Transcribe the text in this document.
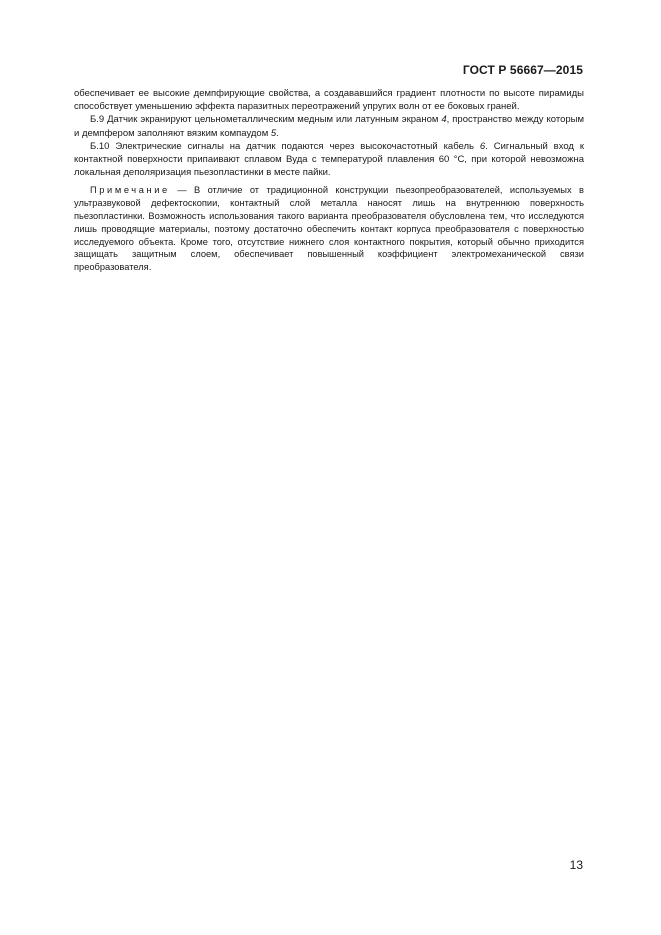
ГОСТ Р 56667—2015

обеспечивает ее высокие демпфирующие свойства, а создававшийся градиент плотности по высоте пирамиды способствует уменьшению эффекта паразитных переотражений упругих волн от ее боковых граней.

Б.9 Датчик экранируют цельнометаллическим медным или латунным экраном 4, пространство между которым и демпфером заполняют вязким компаудом 5.

Б.10 Электрические сигналы на датчик подаются через высокочастотный кабель 6. Сигнальный вход к контактной поверхности припаивают сплавом Вуда с температурой плавления 60 °С, при которой невозможна локальная деполяризация пьезопластинки в месте пайки.

Примечание — В отличие от традиционной конструкции пьезопреобразователей, используемых в ультразвуковой дефектоскопии, контактный слой металла наносят лишь на внутреннюю поверхность пьезопластинки. Возможность использования такого варианта преобразователя обусловлена тем, что исследуются лишь проводящие материалы, поэтому достаточно обеспечить контакт корпуса преобразователя с поверхностью исследуемого объекта. Кроме того, отсутствие нижнего слоя контактного покрытия, который обычно приходится защищать защитным слоем, обеспечивает повышенный коэффициент электромеханической связи преобразователя.

13
